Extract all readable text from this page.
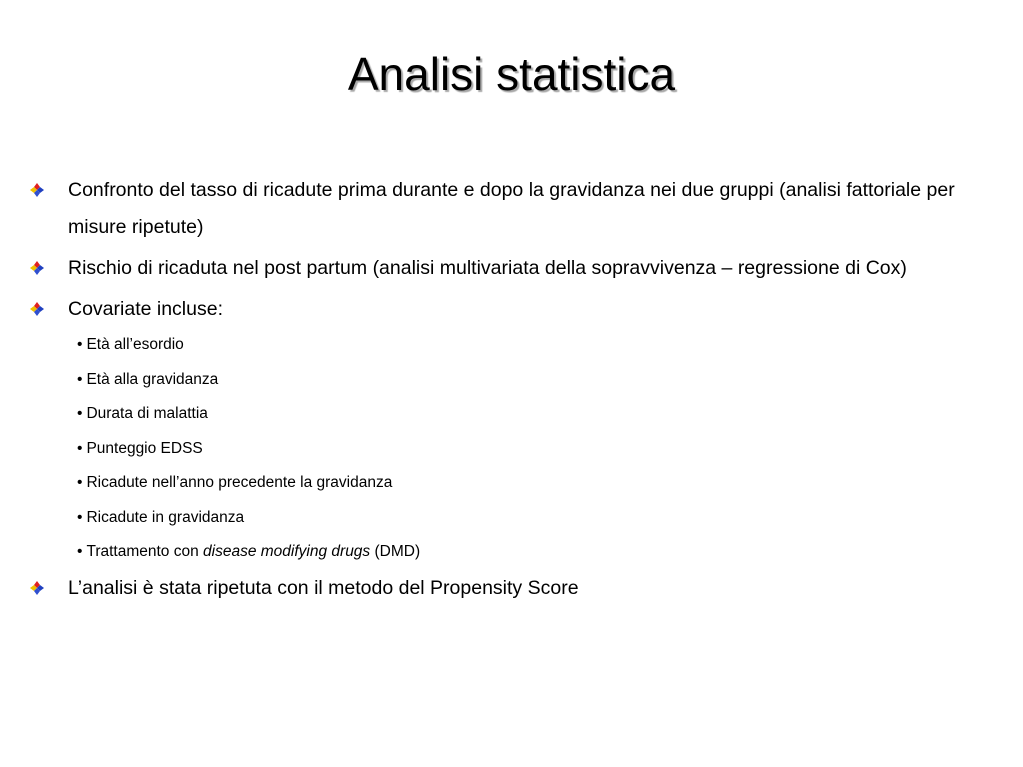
Analisi statistica

Confronto del tasso di ricadute prima durante e dopo la gravidanza nei due gruppi (analisi fattoriale per misure ripetute)

Rischio di ricaduta nel post partum (analisi multivariata della sopravvivenza – regressione di Cox)

Covariate incluse:

• Età all’esordio
• Età alla gravidanza
• Durata di malattia
• Punteggio EDSS
• Ricadute nell’anno precedente la gravidanza
• Ricadute in gravidanza
• Trattamento con disease modifying drugs (DMD)

L’analisi è stata ripetuta con il metodo del Propensity Score
